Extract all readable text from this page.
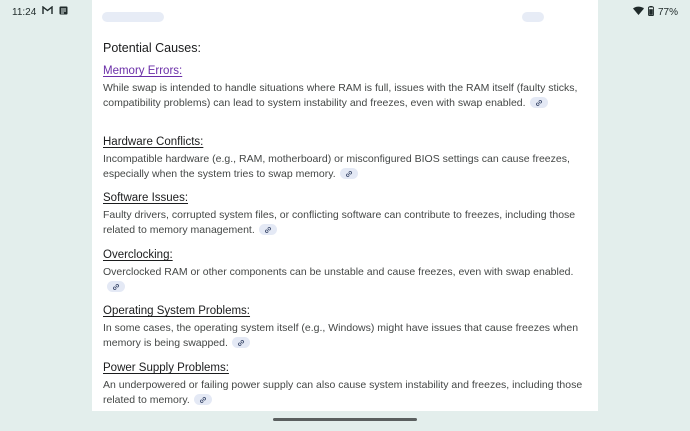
11:24	77%
Potential Causes:
Memory Errors:
While swap is intended to handle situations where RAM is full, issues with the RAM itself (faulty sticks, compatibility problems) can lead to system instability and freezes, even with swap enabled.
Hardware Conflicts:
Incompatible hardware (e.g., RAM, motherboard) or misconfigured BIOS settings can cause freezes, especially when the system tries to swap memory.
Software Issues:
Faulty drivers, corrupted system files, or conflicting software can contribute to freezes, including those related to memory management.
Overclocking:
Overclocked RAM or other components can be unstable and cause freezes, even with swap enabled.
Operating System Problems:
In some cases, the operating system itself (e.g., Windows) might have issues that cause freezes when memory is being swapped.
Power Supply Problems:
An underpowered or failing power supply can also cause system instability and freezes, including those related to memory.
